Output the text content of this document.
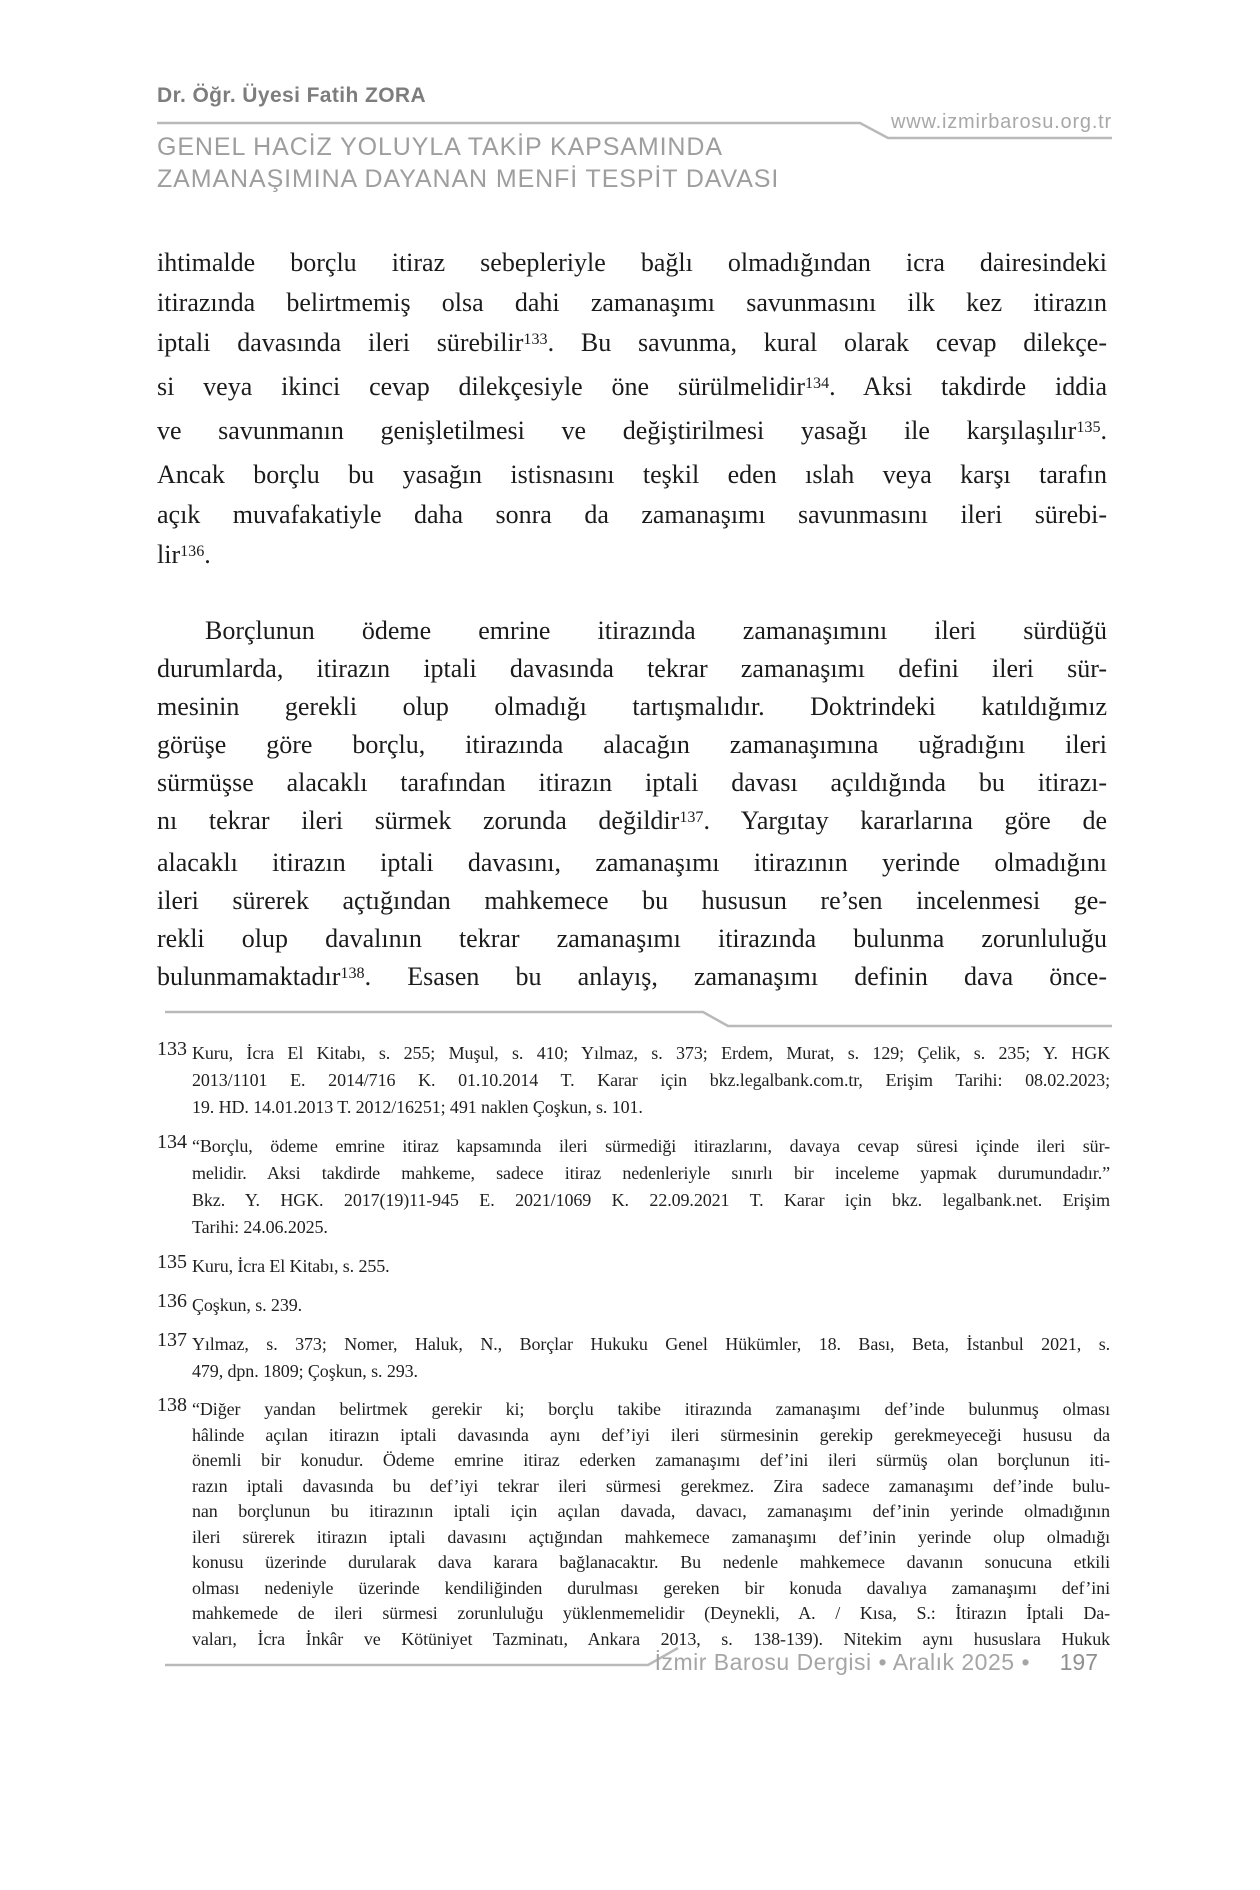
Dr. Öğr. Üyesi Fatih ZORA
www.izmirbarosu.org.tr
GENEL HACİZ YOLUYLA TAKİP KAPSAMINDA
ZAMANAŞIMINA DAYANAN MENFİ TESPİT DAVASI
ihtimalde borçlu itiraz sebepleriyle bağlı olmadığından icra dairesindeki
itirazında belirtmemiş olsa dahi zamanaşımı savunmasını ilk kez itirazın
iptali davasında ileri sürebilir$^{133}$. Bu savunma, kural olarak cevap dilekçe-
si veya ikinci cevap dilekçesiyle öne sürülmelidir$^{134}$. Aksi takdirde iddia
ve savunmanın genişletilmesi ve değiştirilmesi yasağı ile karşılaşılır$^{135}$.
Ancak borçlu bu yasağın istisnasını teşkil eden ıslah veya karşı tarafın
açık muvafakatiyle daha sonra da zamanaşımı savunmasını ileri sürebi-
lir$^{136}$.
Borçlunun ödeme emrine itirazında zamanaşımını ileri sürdüğü
durumlarda, itirazın iptali davasında tekrar zamanaşımı defini ileri sür-
mesinin gerekli olup olmadığı tartışmalıdır. Doktrindeki katıldığımız
görüşe göre borçlu, itirazında alacağın zamanaşımına uğradığını ileri
sürmüşse alacaklı tarafından itirazın iptali davası açıldığında bu itirazı-
nı tekrar ileri sürmek zorunda değildir$^{137}$. Yargıtay kararlarına göre de
alacaklı itirazın iptali davasını, zamanaşımı itirazının yerinde olmadığını
ileri sürerek açtığından mahkemece bu hususun re’sen incelenmesi ge-
rekli olup davalının tekrar zamanaşımı itirazında bulunma zorunluluğu
bulunmamaktadır$^{138}$. Esasen bu anlayış, zamanaşımı definin dava önce-
133 Kuru, İcra El Kitabı, s. 255; Muşul, s. 410; Yılmaz, s. 373; Erdem, Murat, s. 129; Çelik, s. 235; Y. HGK
2013/1101 E. 2014/716 K. 01.10.2014 T. Karar için bkz.legalbank.com.tr, Erişim Tarihi: 08.02.2023;
19. HD. 14.01.2013 T. 2012/16251; 491 naklen Çoşkun, s. 101.
134 “Borçlu, ödeme emrine itiraz kapsamında ileri sürmediği itirazlarını, davaya cevap süresi içinde ileri sür-
melidir. Aksi takdirde mahkeme, sadece itiraz nedenleriyle sınırlı bir inceleme yapmak durumundadır.”
Bkz. Y. HGK. 2017(19)11-945 E. 2021/1069 K. 22.09.2021 T. Karar için bkz. legalbank.net. Erişim
Tarihi: 24.06.2025.
135 Kuru, İcra El Kitabı, s. 255.
136 Çoşkun, s. 239.
137 Yılmaz, s. 373; Nomer, Haluk, N., Borçlar Hukuku Genel Hükümler, 18. Bası, Beta, İstanbul 2021, s.
479, dpn. 1809; Çoşkun, s. 293.
138 “Diğer yandan belirtmek gerekir ki; borçlu takibe itirazında zamanaşımı def’inde bulunmuş olması
hâlinde açılan itirazın iptali davasında aynı def’iyi ileri sürmesinin gerekip gerekmeyeceği hususu da
önemli bir konudur. Ödeme emrine itiraz ederken zamanaşımı def’ini ileri sürmüş olan borçlunun iti-
razın iptali davasında bu def’iyi tekrar ileri sürmesi gerekmez. Zira sadece zamanaşımı def’inde bulu-
nan borçlunun bu itirazının iptali için açılan davada, davacı, zamanaşımı def’inin yerinde olmadığının
ileri sürerek itirazın iptali davasını açtığından mahkemece zamanaşımı def’inin yerinde olup olmadığı
konusu üzerinde durularak dava karara bağlanacaktır. Bu nedenle mahkemece davanın sonucuna etkili
olması nedeniyle üzerinde kendiliğinden durulması gereken bir konuda davalıya zamanaşımı def’ini
mahkemede de ileri sürmesi zorunluluğu yüklenmemelidir (Deynekli, A. / Kısa, S.: İtirazın İptali Da-
vaları, İcra İnkâr ve Kötüniyet Tazminatı, Ankara 2013, s. 138-139). Nitekim aynı hususlara Hukuk
İzmir Barosu Dergisi • Aralık 2025 • 197
